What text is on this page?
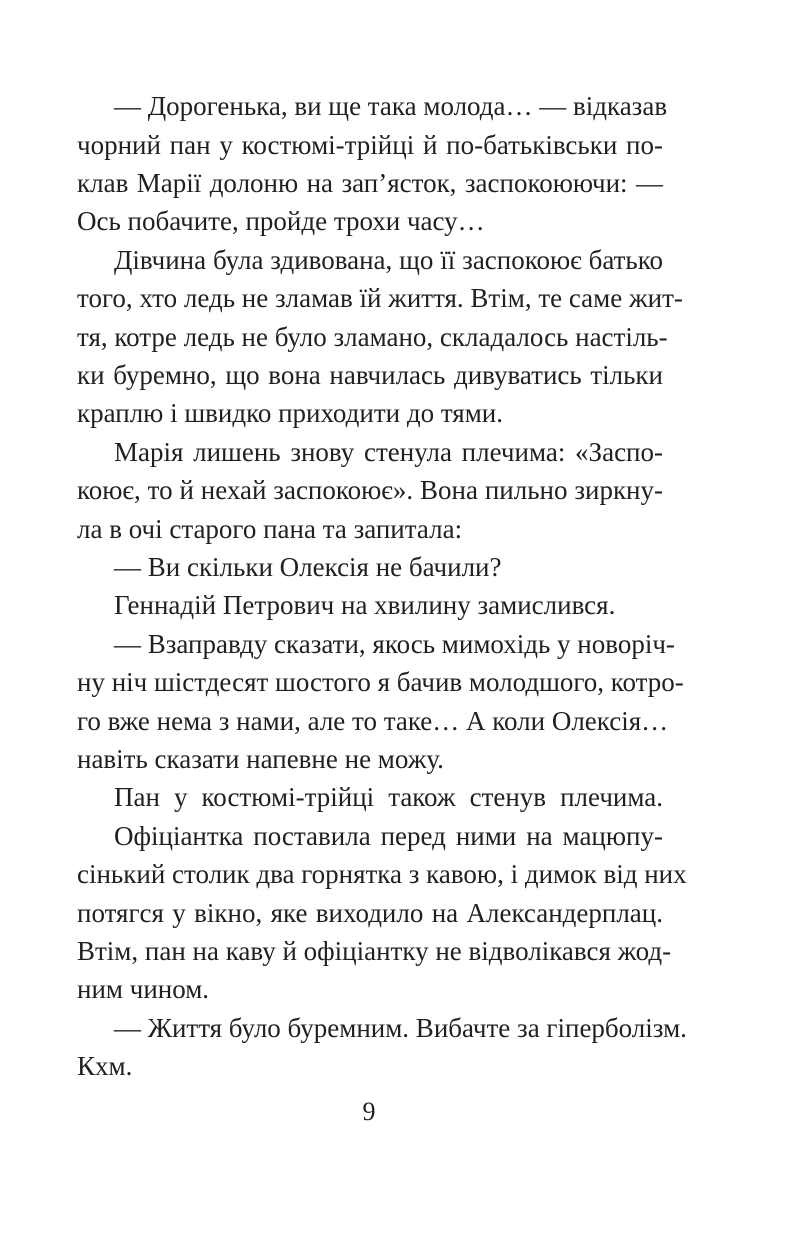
— Дорогенька, ви ще така молода… — відказав
чорний пан у костюмі-трійці й по-батьківськи по-
клав Марії долоню на зап’ясток, заспокоюючи: —
Ось побачите, пройде трохи часу…
Дівчина була здивована, що її заспокоює батько
того, хто ледь не зламав їй життя. Втім, те саме жит-
тя, котре ледь не було зламано, складалось настіль-
ки буремно, що вона навчилась дивуватись тільки
краплю і швидко приходити до тями.
Марія лишень знову стенула плечима: «Заспо-
коює, то й нехай заспокоює». Вона пильно зиркну-
ла в очі старого пана та запитала:
— Ви скільки Олексія не бачили?
Геннадій Петрович на хвилину замислився.
— Взаправду сказати, якось мимохідь у новоріч-
ну ніч шістдесят шостого я бачив молодшого, котро-
го вже нема з нами, але то таке… А коли Олексія…
навіть сказати напевне не можу.
Пан у костюмі-трійці також стенув плечима.
Офіціантка поставила перед ними на мацюпу-
сінький столик два горнятка з кавою, і димок від них
потягся у вікно, яке виходило на Александерплац.
Втім, пан на каву й офіціантку не відволікався жод-
ним чином.
— Життя було буремним. Вибачте за гіперболізм.
Кхм.
9
